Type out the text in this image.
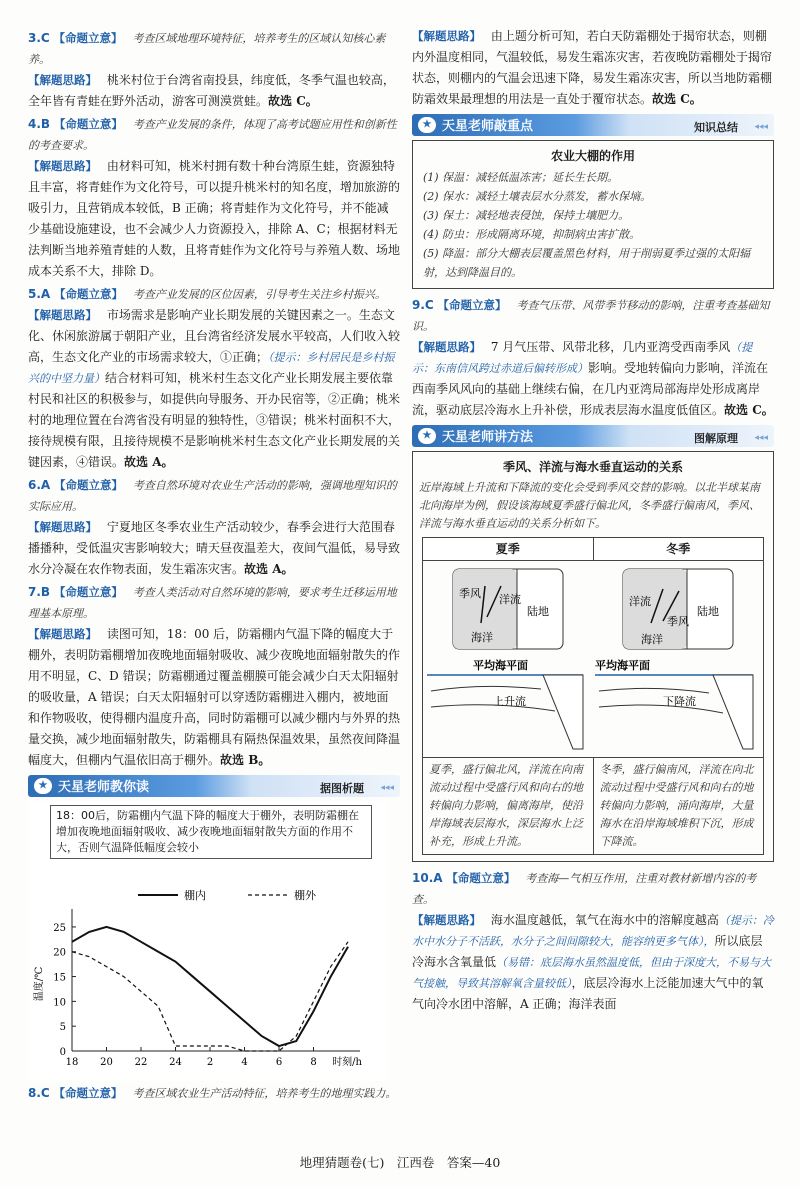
3.C 【命题立意】 考查区域地理环境特征，培养考生的区域认知核心素养。

【解题思路】 桃米村位于台湾省南投县，纬度低，冬季气温也较高，全年皆有青蛙在野外活动，游客可测漠赏蛙。故选 C。

4.B 【命题立意】 考查产业发展的条件，体现了高考试题应用性和创新性的考查要求。

【解题思路】 由材料可知，桃米村拥有数十种台湾原生蛙，资源独特且丰富，将青蛙作为文化符号，可以提升桃米村的知名度，增加旅游的吸引力，且营销成本较低，B 正确；将青蛙作为文化符号，并不能减少基础设施建设，也不会减少人力资源投入，排除 A、C；根据材料无法判断当地养殖青蛙的人数，且将青蛙作为文化符号与养殖人数、场地成本关系不大，排除 D。

5.A 【命题立意】 考查产业发展的区位因素，引导考生关注乡村振兴。

【解题思路】 市场需求是影响产业长期发展的关键因素之一。生态文化、休闲旅游属于朝阳产业，且台湾省经济发展水平较高，人们收入较高，生态文化产业的市场需求较大，①正确；（提示：乡村居民是乡村振兴的中坚力量）结合材料可知，桃米村生态文化产业长期发展主要依靠村民和社区的积极参与，如提供向导服务、开办民宿等，②正确；桃米村的地理位置在台湾省没有明显的独特性，③错误；桃米村面积不大，接待规模有限，且接待规模不是影响桃米村生态文化产业长期发展的关键因素，④错误。故选 A。

6.A 【命题立意】 考查自然环境对农业生产活动的影响，强调地理知识的实际应用。

【解题思路】 宁夏地区冬季农业生产活动较少，春季会进行大范围春播播种，受低温灾害影响较大；晴天昼夜温差大，夜间气温低，易导致水分冷凝在农作物表面，发生霜冻灾害。故选 A。

7.B 【命题立意】 考查人类活动对自然环境的影响，要求考生迁移运用地理基本原理。

【解题思路】 读图可知，18：00 后，防霜棚内气温下降的幅度大于棚外，表明防霜棚增加夜晚地面辐射吸收、减少夜晚地面辐射散失的作用不明显，C、D 错误；防霜棚通过覆盖棚膜可能会减少白天太阳辐射的吸收量，A 错误；白天太阳辐射可以穿透防霜棚进入棚内，被地面和作物吸收，使得棚内温度升高，同时防霜棚可以减少棚内与外界的热量交换，减少地面辐射散失，防霜棚具有隔热保温效果，虽然夜间降温幅度大，但棚内气温依旧高于棚外。故选 B。

★ 天星老师教你读	据图析题 ◂◂◂
18：00后，防霜棚内气温下降的幅度大于棚外，表明防霜棚在增加夜晚地面辐射吸收、减少夜晚地面辐射散失方面的作用不大，否则气温降低幅度会较小
0
5
10
15
20
25
18 20 22 24 2	4	6	8 时刻/h
温度/℃
棚内	棚外

8.C 【命题立意】 考查区域农业生产活动特征，培养考生的地理实践力。

【解题思路】 由上题分析可知，若白天防霜棚处于揭帘状态，则棚内外温度相同，气温较低，易发生霜冻灾害，若夜晚防霜棚处于揭帘状态，则棚内的气温会迅速下降，易发生霜冻灾害，所以当地防霜棚防霜效果最理想的用法是一直处于覆帘状态。故选 C。

★ 天星老师敲重点	知识总结 ◂◂◂
农业大棚的作用
(1) 保温：减轻低温冻害；延长生长期。
(2) 保水：减轻土壤表层水分蒸发，蓄水保墒。
(3) 保土：减轻地表侵蚀，保持土壤肥力。
(4) 防虫：形成隔离环境，抑制病虫害扩散。
(5) 降温：部分大棚表层覆盖黑色材料，用于削弱夏季过强的太阳辐射，达到降温目的。

9.C 【命题立意】 考查气压带、风带季节移动的影响，注重考查基础知识。

【解题思路】 7 月气压带、风带北移，几内亚湾受西南季风（提示：东南信风跨过赤道后偏转形成）影响。受地转偏向力影响，洋流在西南季风风向的基础上继续右偏，在几内亚湾局部海岸处形成离岸流，驱动底层冷海水上升补偿，形成表层海水温度低值区。故选 C。

★ 天星老师讲方法	图解原理 ◂◂◂
季风、洋流与海水垂直运动的关系
近岸海域上升流和下降流的变化会受到季风交替的影响。以北半球某南北向海岸为例，假设该海域夏季盛行偏北风，冬季盛行偏南风，季风、洋流与海水垂直运动的关系分析如下。
夏季	冬季
季风 洋流
海洋
陆地
洋流
季风
海洋
陆地
平均海平面	平均海平面
上升流	下降流
夏季，盛行偏北风，洋流在向南流动过程中受盛行风和向右的地转偏向力影响，偏离海岸，使沿岸海域表层海水，深层海水上泛补充，形成上升流。
冬季，盛行偏南风，洋流在向北流动过程中受盛行风和向右的地转偏向力影响，涌向海岸，大量海水在沿岸海域堆积下沉，形成下降流。

10.A 【命题立意】 考查海—气相互作用，注重对教材新增内容的考查。

【解题思路】 海水温度越低，氧气在海水中的溶解度越高（提示：冷水中水分子不活跃，水分子之间间隙较大，能容纳更多气体），所以底层冷海水含氧量低（易错：底层海水虽然温度低，但由于深度大，不易与大气接触，导致其溶解氧含量较低），底层冷海水上泛能加速大气中的氧气向冷水团中溶解，A 正确；海洋表面

地理猜题卷(七)　江西卷　答案—40
